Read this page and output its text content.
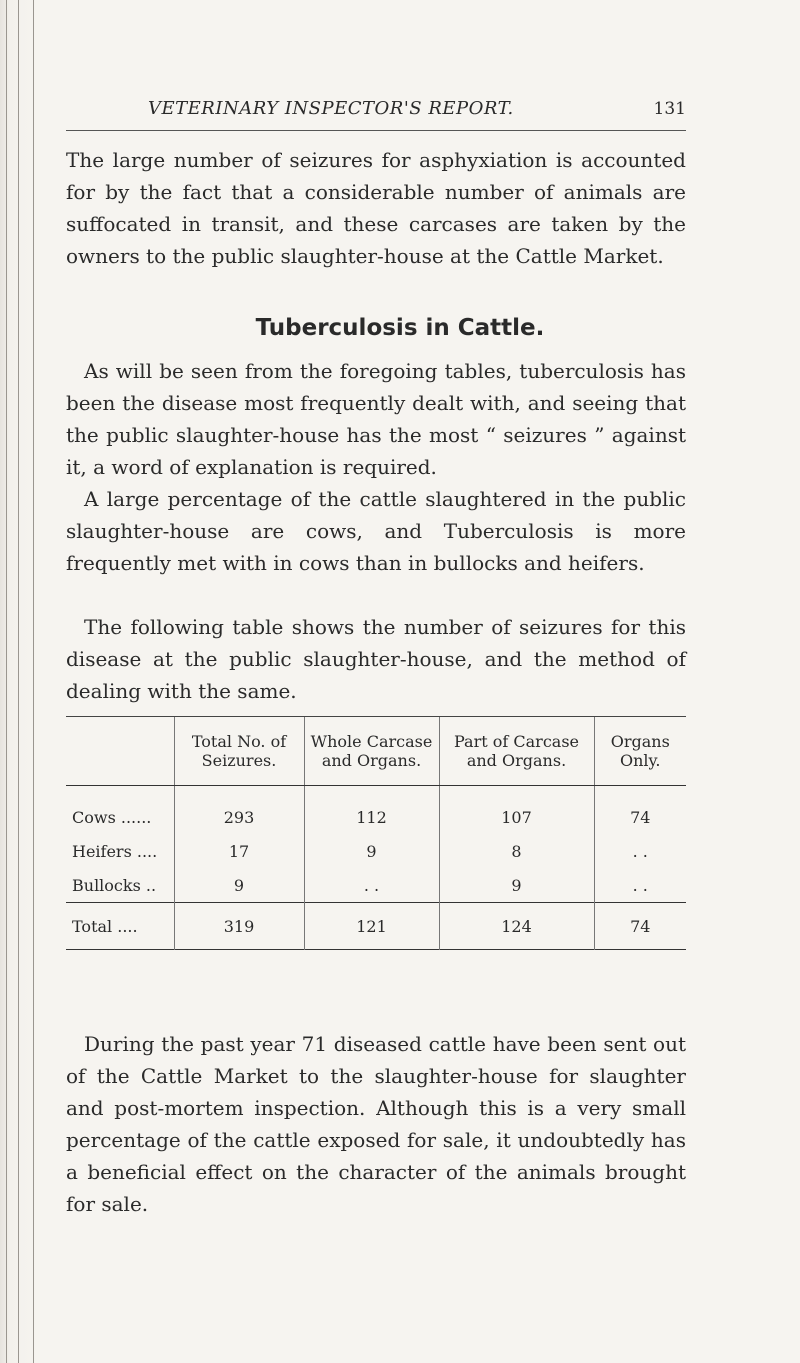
VETERINARY INSPECTOR'S REPORT.	131

The large number of seizures for asphyxiation is accounted for by the fact that a considerable number of animals are suffocated in transit, and these carcases are taken by the owners to the public slaughter-house at the Cattle Market.

Tuberculosis in Cattle.

As will be seen from the foregoing tables, tuberculosis has been the disease most frequently dealt with, and seeing that the public slaughter-house has the most “ seizures ” against it, a word of explanation is required.

A large percentage of the cattle slaughtered in the public slaughter-house are cows, and Tuberculosis is more frequently met with in cows than in bullocks and heifers.

The following table shows the number of seizures for this disease at the public slaughter-house, and the method of dealing with the same.

	Total No. of Seizures.	Whole Carcase and Organs.	Part of Carcase and Organs.	Organs Only.
Cows ......	293	112	107	74
Heifers ....	17	9	8	. .
Bullocks ..	9	. .	9	. .
Total ....	319	121	124	74

During the past year 71 diseased cattle have been sent out of the Cattle Market to the slaughter-house for slaughter and post-mortem inspection. Although this is a very small percentage of the cattle exposed for sale, it undoubtedly has a beneficial effect on the character of the animals brought for sale.
